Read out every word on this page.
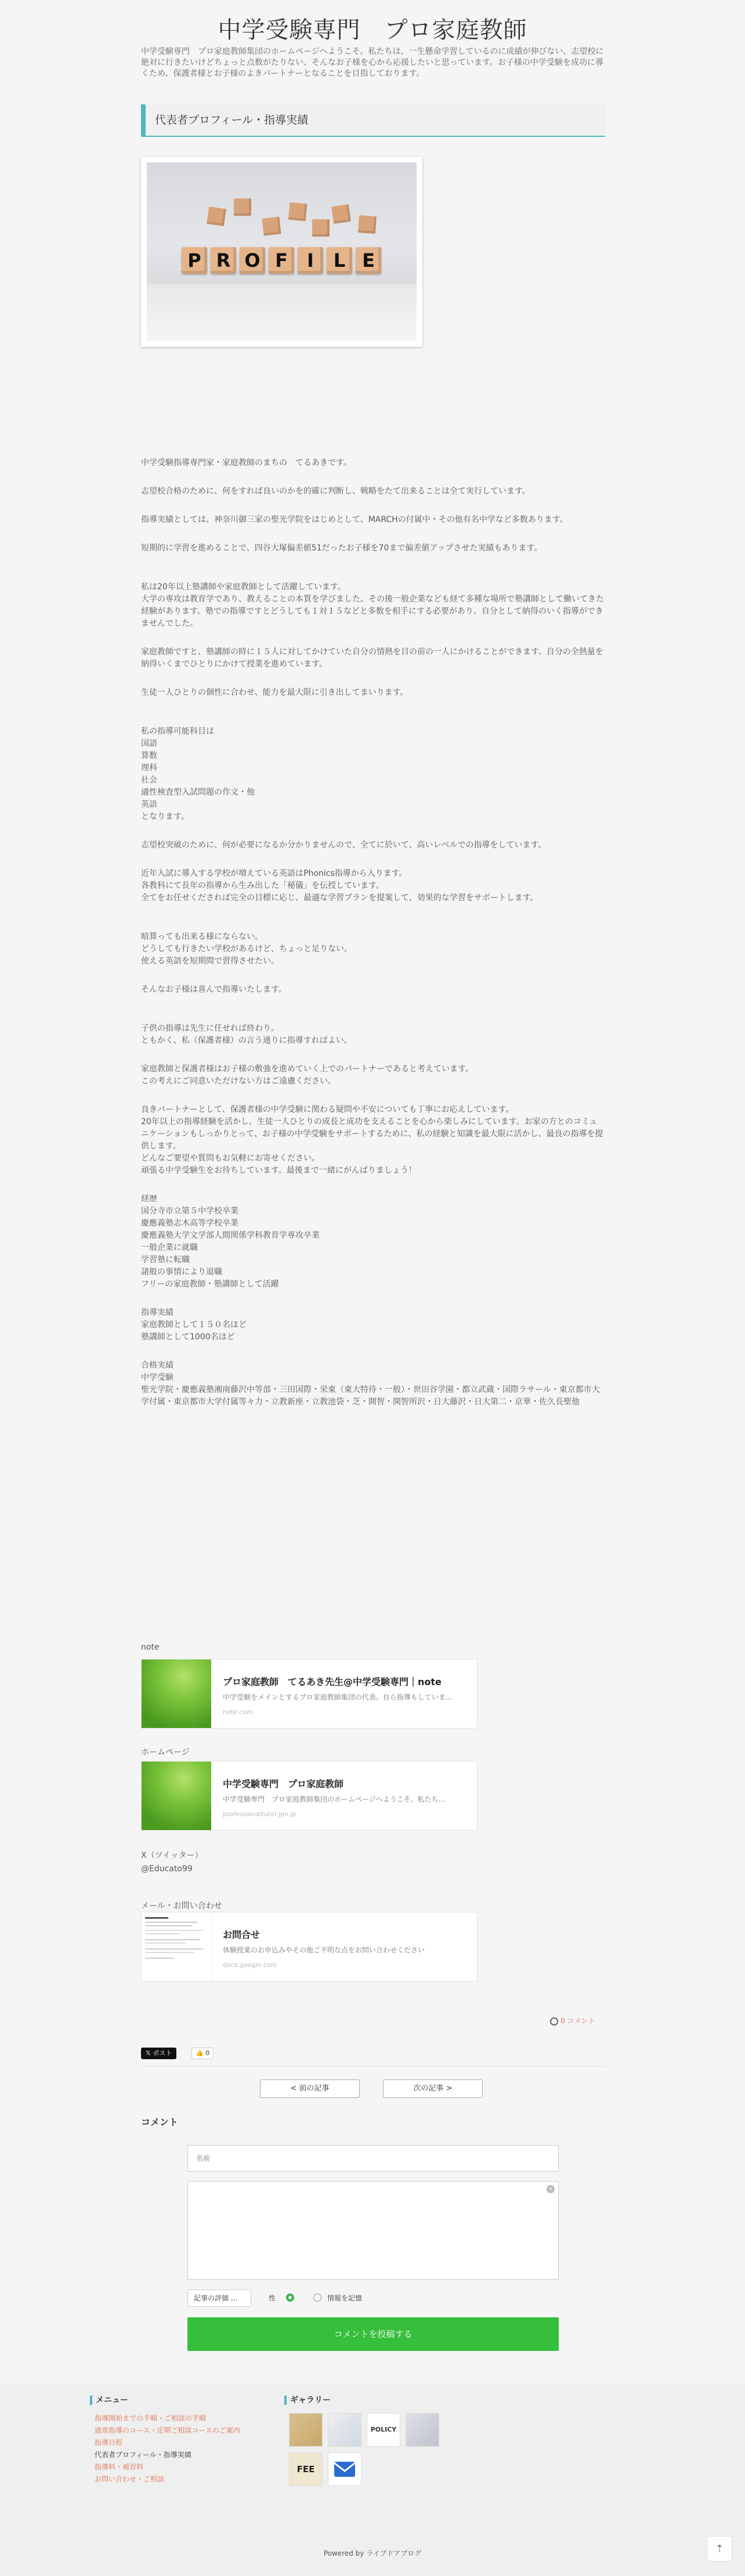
中学受験専門　プロ家庭教師
中学受験専門　プロ家庭教師集団のホームページへようこそ。私たちは、一生懸命学習しているのに成績が伸びない、志望校に絶対に行きたいけどちょっと点数がたりない、そんなお子様を心から応援したいと思っています。お子様の中学受験を成功に導くため、保護者様とお子様のよきパートナーとなることを目指しております。
代表者プロフィール・指導実績
P R O F	I	L E

中学受験指導専門家・家庭教師のまちの　てるあきです。

志望校合格のために、何をすれば良いのかを的確に判断し、戦略をたて出来ることは全て実行しています。

指導実績としては、神奈川御三家の聖光学院をはじめとして、MARCHの付属中・その他有名中学など多数あります。

短期的に学習を進めることで、四谷大塚偏差値51だったお子様を70まで偏差値アップさせた実績もあります。

私は20年以上塾講師や家庭教師として活躍しています。
大学の専攻は教育学であり、教えることの本質を学びました。その後一般企業なども経て多種な場所で塾講師として働いてきた経験があります。塾での指導ですとどうしても１対１５などと多数を相手にする必要があり、自分として納得のいく指導ができませんでした。

家庭教師ですと、塾講師の時に１５人に対してかけていた自分の情熱を目の前の一人にかけることができます。自分の全熱量を納得いくまでひとりにかけて授業を進めています。

生徒一人ひとりの個性に合わせ、能力を最大限に引き出してまいります。

私の指導可能科目は
国語
算数
理科
社会
適性検査型入試問題の作文・他
英語
となります。

志望校突破のために、何が必要になるか分かりませんので、全てに於いて、高いレベルでの指導をしています。

近年入試に導入する学校が増えている英語はPhonics指導から入ります。
各教科にて長年の指導から生み出した「秘儀」を伝授しています。
全てをお任せくだされば完全の目標に応じ、最適な学習プランを提案して、効果的な学習をサポートします。

暗算っても出来る様にならない。
どうしても行きたい学校があるけど、ちょっと足りない。
使える英語を短期間で習得させたい。

そんなお子様は喜んで指導いたします。

子供の指導は先生に任せれば終わり。
ともかく、私（保護者様）の言う通りに指導すればよい。

家庭教師と保護者様はお子様の敷強を進めていく上でのパートナーであると考えています。
この考えにご同意いただけない方はご遠慮ください。

良きパートナーとして、保護者様の中学受験に関わる疑問や不安についても丁寧にお応えしています。
20年以上の指導経験を活かし、生徒一人ひとりの成長と成功を支えることを心から楽しみにしています。お家の方とのコミュニケーションもしっかりとって、お子様の中学受験をサポートするために、私の経験と知識を最大限に活かし、最良の指導を提供します。
どんなご要望や質問もお気軽にお寄せください。
頑張る中学受験生をお待ちしています。最後まで一緒にがんばりましょう！

経歴
国分寺市立第５中学校卒業
慶應義塾志木高等学校卒業
慶應義塾大学文学部人間関係学科教育学専攻卒業
一般企業に就職
学習塾に転職
諸般の事情により退職
フリーの家庭教師・塾講師として活躍

指導実績
家庭教師として１５０名ほど
塾講師として1000名ほど

合格実績
中学受験
聖光学院・慶應義塾湘南藤沢中等部・三田国際・栄東（東大特待・一般）・世田谷学園・都立武蔵・国際ラサール・東京都市大学付属・東京都市大学付属等々力・立教新座・立教池袋・芝・開智・開智所沢・日大藤沢・日大第二・京華・佐久長聖他

note
プロ家庭教師　てるあき先生@中学受験専門｜note
中学受験をメインとするプロ家庭教師集団の代表。自ら指導もしていま…
note.com
ホームページ
中学受験専門　プロ家庭教師
中学受験専門　プロ家庭教師集団のホームページへようこそ。私たち…
professionaltutor.jpn.jp
X（ツイッター）
@Educato99
メール・お問い合わせ
お問合せ
体験授業のお申込みやその他ご不明な点をお問い合わせください
docs.google.com
0 コメント
𝕏 ポスト	👍 0
< 前の記事	次の記事 >
コメント
名前
×
記事の評価 ...	性	情報を記憶
コメントを投稿する
メニュー
指導開始までの手順・ご相談の手順
通常指導のコース・定期ご相談コースのご案内
指導日程
代表者プロフィール・指導実績
指導料・補習料
お問い合わせ・ご相談
ギャラリー
POLICY
FEE
Powered by ライブドアブログ	⇡
